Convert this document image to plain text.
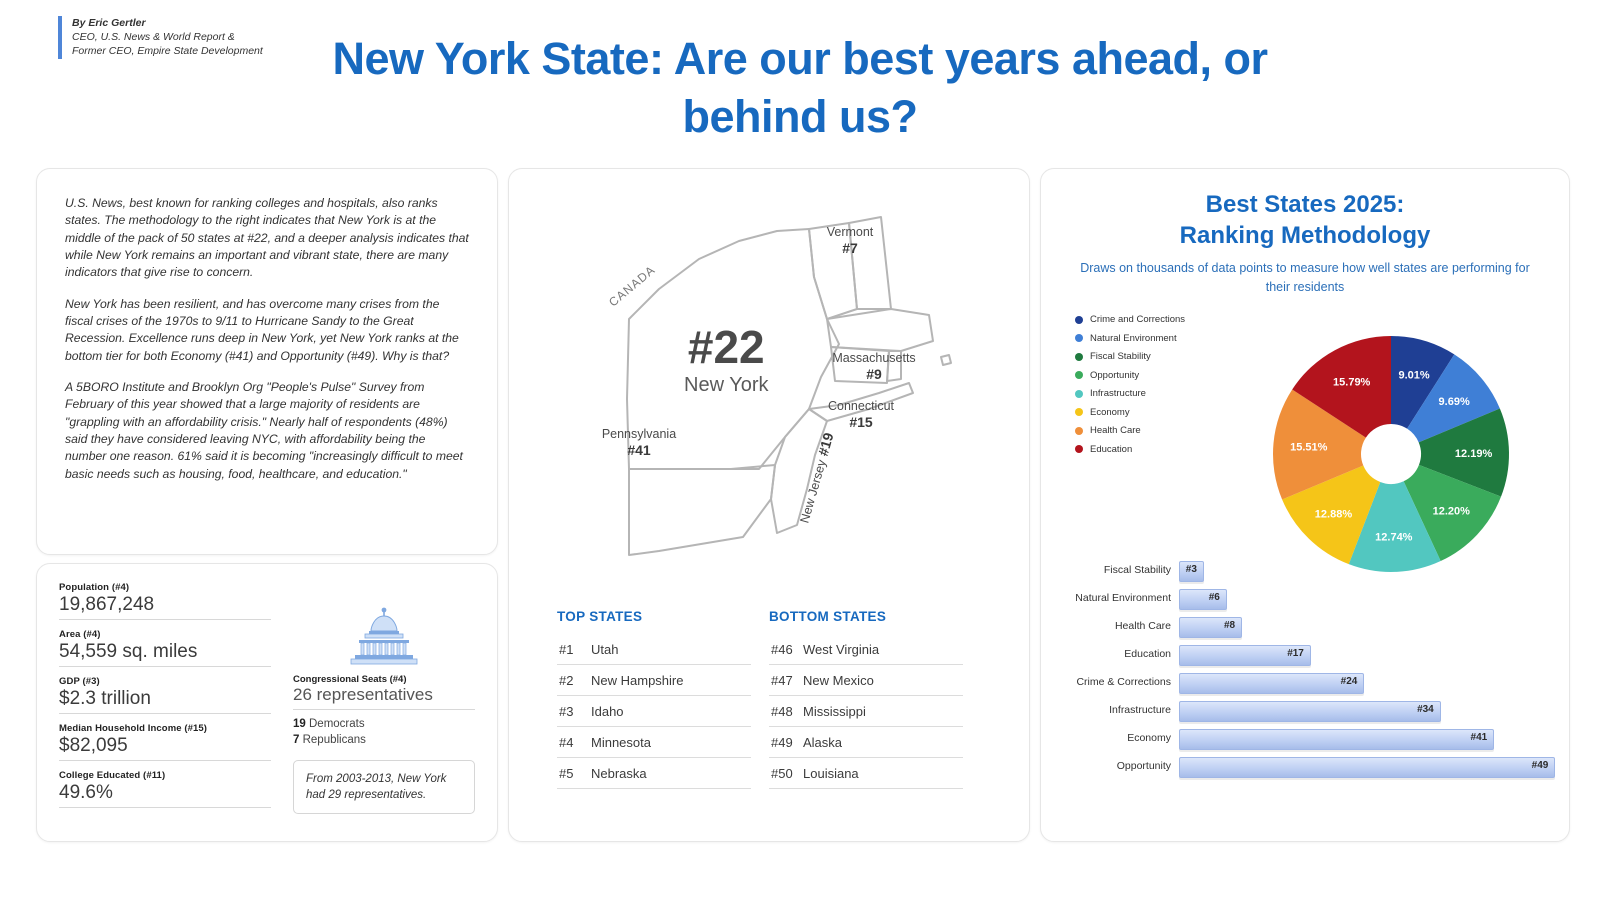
By Eric Gertler
CEO, U.S. News & World Report &
Former CEO, Empire State Development	New York State: Are our best years ahead, or behind us?

U.S. News, best known for ranking colleges and hospitals, also ranks states. The methodology to the right indicates that New York is at the middle of the pack of 50 states at #22, and a deeper analysis indicates that while New York remains an important and vibrant state, there are many indicators that give rise to concern.

New York has been resilient, and has overcome many crises from the fiscal crises of the 1970s to 9/11 to Hurricane Sandy to the Great Recession. Excellence runs deep in New York, yet New York ranks at the bottom tier for both Economy (#41) and Opportunity (#49). Why is that?

A 5BORO Institute and Brooklyn Org "People's Pulse" Survey from February of this year showed that a large majority of residents are "grappling with an affordability crisis." Nearly half of respondents (48%) said they have considered leaving NYC, with affordability being the number one reason. 61% said it is becoming "increasingly difficult to meet basic needs such as housing, food, healthcare, and education."

Population (#4)
19,867,248
Area (#4)
54,559 sq. miles
GDP (#3)
$2.3 trillion
Median Household Income (#15)
$82,095
College Educated (#11)
49.6%
Congressional Seats (#4)
26 representatives
19 Democrats
7 Republicans
From 2003-2013, New York had 29 representatives.
CANADA
#22
New York
Vermont
#7
Massachusetts
#9
Connecticut
#15
Pennsylvania
#41
New Jersey #19
TOP STATES
#1 Utah
#2 New Hampshire
#3 Idaho
#4 Minnesota
#5 Nebraska
BOTTOM STATES
#46 West Virginia
#47 New Mexico
#48 Mississippi
#49 Alaska
#50 Louisiana
Best States 2025:
Ranking Methodology
Draws on thousands of data points to measure how well states are performing for their residents
Crime and Corrections
Natural Environment
Fiscal Stability
Opportunity
Infrastructure
Economy
Health Care
Education
9.01%
9.69%
12.19%
12.20%
12.74%
12.88%
15.51%
15.79%
Fiscal Stability	#3
Natural Environment	#6
Health Care	#8
Education	#17
Crime & Corrections	#24
Infrastructure	#34
Economy	#41
Opportunity	#49
